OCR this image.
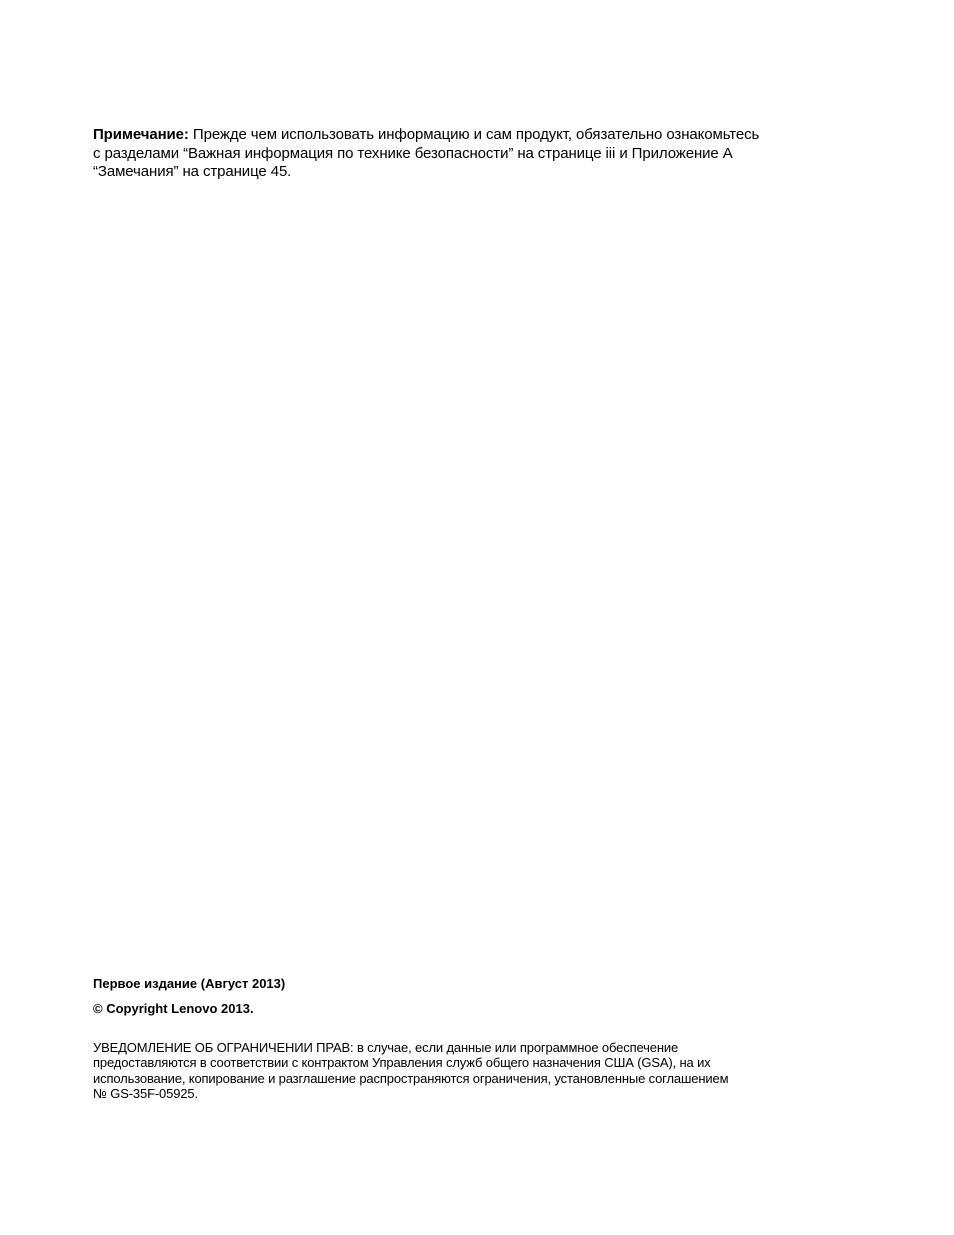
Примечание: Прежде чем использовать информацию и сам продукт, обязательно ознакомьтесь
с разделами “Важная информация по технике безопасности” на странице iii и Приложение A
“Замечания” на странице 45.
Первое издание (Август 2013)
© Copyright Lenovo 2013.
УВЕДОМЛЕНИЕ ОБ ОГРАНИЧЕНИИ ПРАВ: в случае, если данные или программное обеспечение
предоставляются в соответствии с контрактом Управления служб общего назначения США (GSA), на их
использование, копирование и разглашение распространяются ограничения, установленные соглашением
№ GS-35F-05925.
